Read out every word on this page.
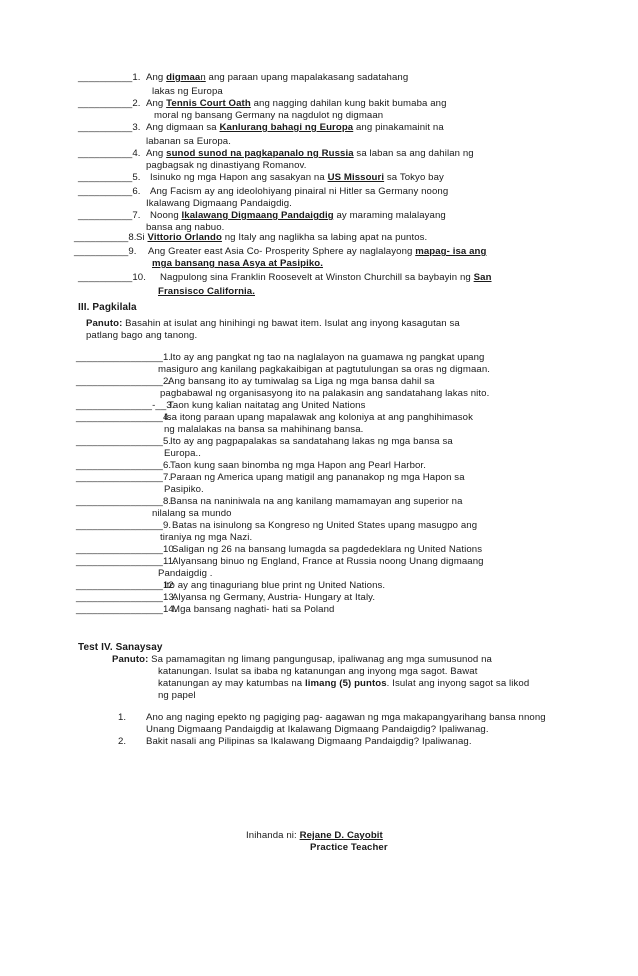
__________1. Ang digmaan ang paraan upang mapalakasang sadatahang
lakas ng Europa
__________2. Ang Tennis Court Oath ang nagging dahilan kung bakit bumaba ang
moral ng bansang Germany na nagdulot ng digmaan
__________3. Ang digmaan sa Kanlurang bahagi ng Europa ang pinakamainit na
labanan sa Europa.
__________4. Ang sunod sunod na pagkapanalo ng Russia sa laban sa ang dahilan ng
pagbagsak ng dinastiyang Romanov.
__________5. Isinuko ng mga Hapon ang sasakyan na US Missouri sa Tokyo bay
__________6. Ang Facism ay ang ideolohiyang pinairal ni Hitler sa Germany noong
Ikalawang Digmaang Pandaigdig.
__________7. Noong Ikalawang Digmaang Pandaigdig ay maraming malalayang
bansa ang nabuo.
__________8. Si Vittorio Orlando ng Italy ang naglikha sa labing apat na puntos.
__________9. Ang Greater east Asia Co- Prosperity Sphere ay naglalayong mapag- isa ang
mga bansang nasa Asya at Pasipiko.
__________10. Nagpulong sina Franklin Roosevelt at Winston Churchill sa baybayin ng San
Fransisco California.
III. Pagkilala
Panuto: Basahin at isulat ang hinihingi ng bawat item. Isulat ang inyong kasagutan sa
patlang bago ang tanong.
________________1.
Ito ay ang pangkat ng tao na naglalayon na guamawa ng pangkat upang
masiguro ang kanilang pagkakaibigan at pagtutulungan sa oras ng digmaan.
________________2.
Ang bansang ito ay tumiwalag sa Liga ng mga bansa dahil sa
pagbabawal ng organisasyong ito na palakasin ang sandatahang lakas nito.
______________-__3.
Taon kung kalian naitatag ang United Nations
________________4.
Isa itong paraan upang mapalawak ang koloniya at ang panghihimasok
ng malalakas na bansa sa mahihinang bansa.
________________5.
Ito ay ang pagpapalakas sa sandatahang lakas ng mga bansa sa
Europa..
________________6.
Taon kung saan binomba ng mga Hapon ang Pearl Harbor.
________________7.
Paraan ng America upang matigil ang pananakop ng mga Hapon sa
Pasipiko.
________________8.
Bansa na naniniwala na ang kanilang mamamayan ang superior na
nilalang sa mundo
________________9. Batas na isinulong sa Kongreso ng United States upang masugpo ang
tiraniya ng mga Nazi.
________________10.
Saligan ng 26 na bansang lumagda sa pagdedeklara ng United Nations
________________11.
Alyansang binuo ng England, France at Russia noong Unang digmaang
Pandaigdig .
________________12
Ito ay ang tinaguriang blue print ng United Nations.
________________13.
Alyansa ng Germany, Austria- Hungary at Italy.
________________14.
Mga bansang naghati- hati sa Poland
Test IV. Sanaysay
Panuto: Sa pamamagitan ng limang pangungusap, ipaliwanag ang mga sumusunod na
katanungan. Isulat sa ibaba ng katanungan ang inyong mga sagot. Bawat
katanungan ay may katumbas na limang (5) puntos. Isulat ang inyong sagot sa likod
ng papel
1. Ano ang naging epekto ng pagiging pag- aagawan ng mga makapangyarihang bansa nnong
Unang Digmaang Pandaigdig at Ikalawang Digmaang Pandaigdig? Ipaliwanag.
2. Bakit nasali ang Pilipinas sa Ikalawang Digmaang Pandaigdig? Ipaliwanag.
Inihanda ni: Rejane D. Cayobit
Practice Teacher
